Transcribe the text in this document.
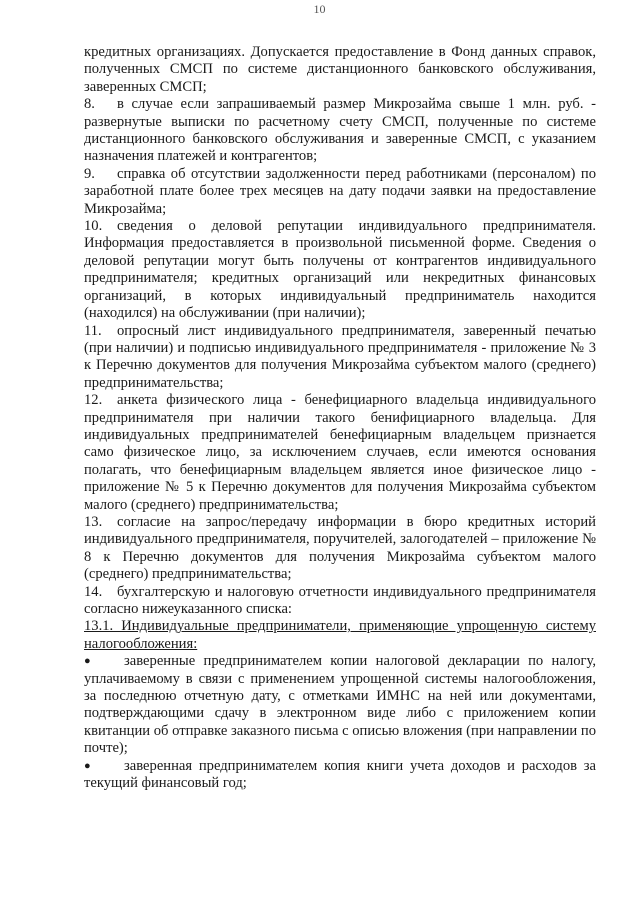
10

кредитных организациях. Допускается предоставление в Фонд данных справок, полученных СМСП по системе дистанционного банковского обслуживания, заверенных СМСП;

8. в случае если запрашиваемый размер Микрозайма свыше 1 млн. руб. - развернутые выписки по расчетному счету СМСП, полученные по системе дистанционного банковского обслуживания и заверенные СМСП, с указанием назначения платежей и контрагентов;

9. справка об отсутствии задолженности перед работниками (персоналом) по заработной плате более трех месяцев на дату подачи заявки на предоставление Микрозайма;

10. сведения о деловой репутации индивидуального предпринимателя. Информация предоставляется в произвольной письменной форме. Сведения о деловой репутации могут быть получены от контрагентов индивидуального предпринимателя; кредитных организаций или некредитных финансовых организаций, в которых индивидуальный предприниматель находится (находился) на обслуживании (при наличии);

11. опросный лист индивидуального предпринимателя, заверенный печатью (при наличии) и подписью индивидуального предпринимателя - приложение № 3 к Перечню документов для получения Микрозайма субъектом малого (среднего) предпринимательства;

12. анкета физического лица - бенефициарного владельца индивидуального предпринимателя при наличии такого бенифициарного владельца. Для индивидуальных предпринимателей бенефициарным владельцем признается само физическое лицо, за исключением случаев, если имеются основания полагать, что бенефициарным владельцем является иное физическое лицо - приложение № 5 к Перечню документов для получения Микрозайма субъектом малого (среднего) предпринимательства;

13. согласие на запрос/передачу информации в бюро кредитных историй индивидуального предпринимателя, поручителей, залогодателей – приложение № 8 к Перечню документов для получения Микрозайма субъектом малого (среднего) предпринимательства;

14. бухгалтерскую и налоговую отчетности индивидуального предпринимателя согласно нижеуказанного списка:

13.1. Индивидуальные предприниматели, применяющие упрощенную систему налогообложения:

● заверенные предпринимателем копии налоговой декларации по налогу, уплачиваемому в связи с применением упрощенной системы налогообложения, за последнюю отчетную дату, с отметками ИМНС на ней или документами, подтверждающими сдачу в электронном виде либо с приложением копии квитанции об отправке заказного письма с описью вложения (при направлении по почте);

● заверенная предпринимателем копия книги учета доходов и расходов за текущий финансовый год;
